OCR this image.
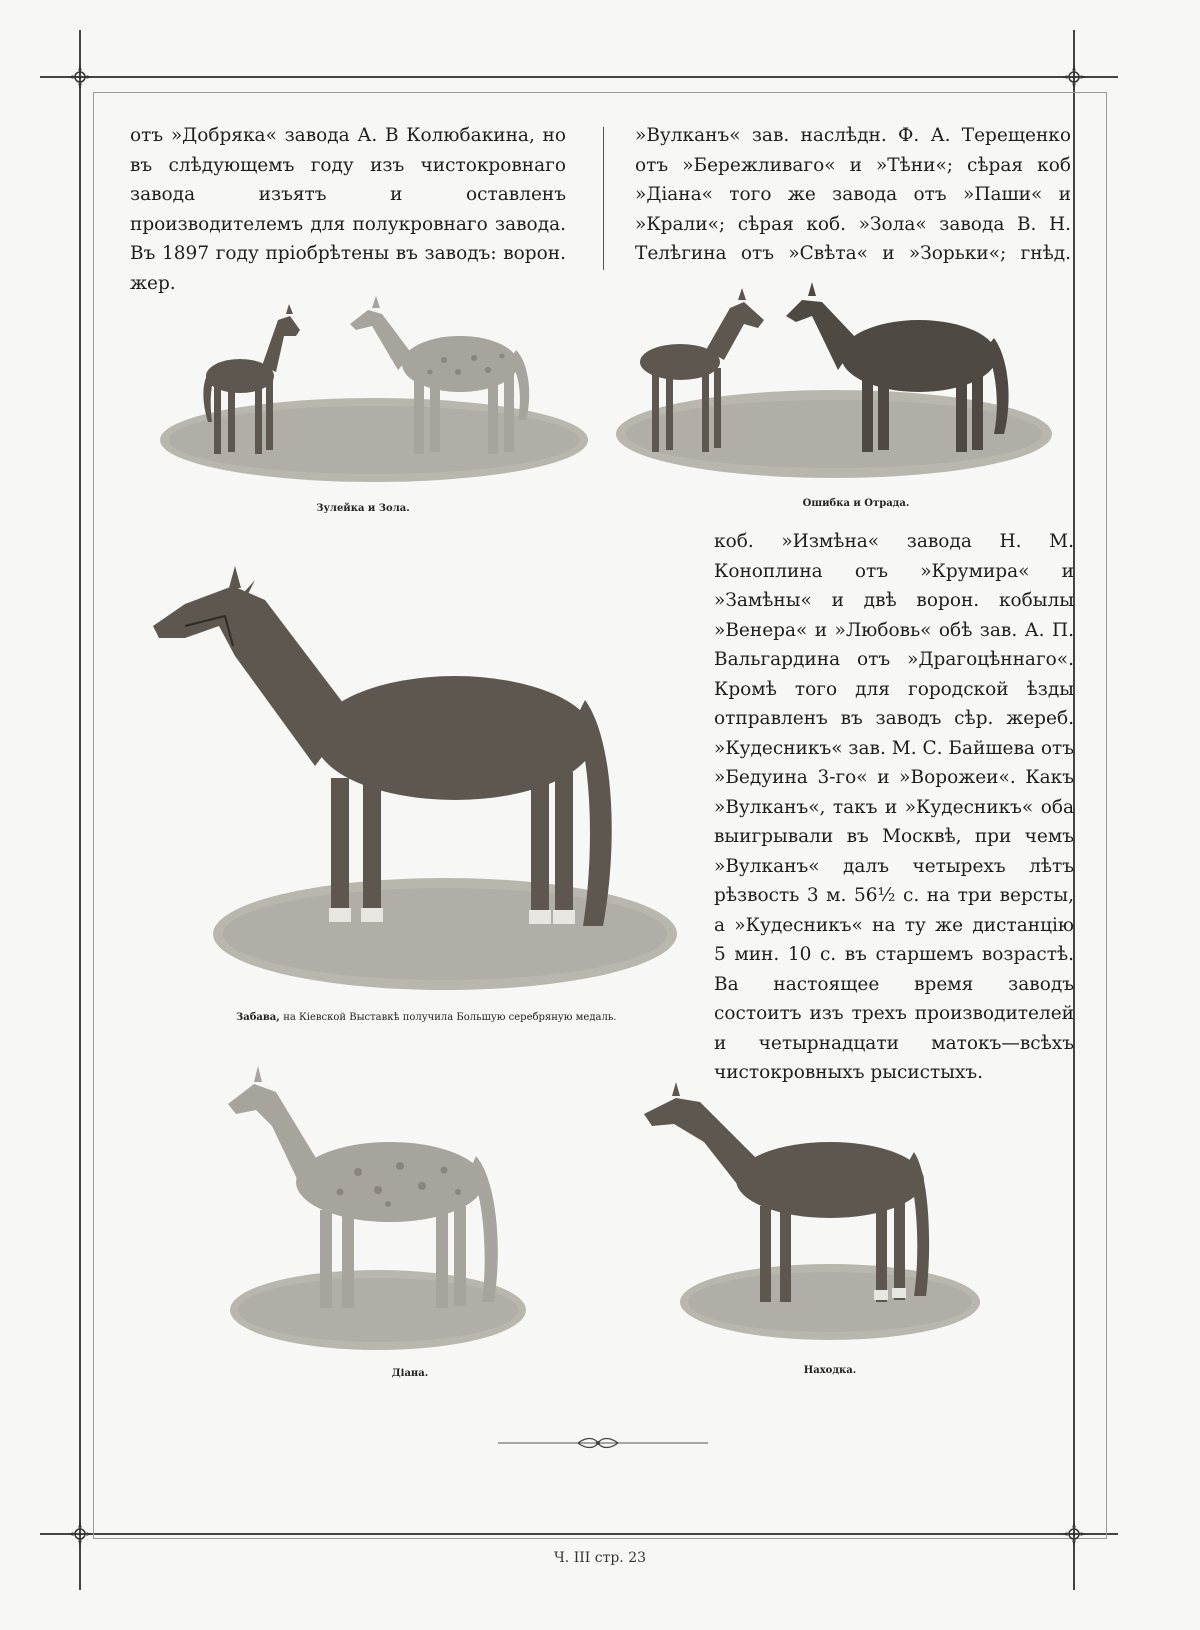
отъ »Добряка« завода А. В Колюбакина, но въ слѣдующемъ году изъ чистокровнаго завода изъятъ и оставленъ производителемъ для полукровнаго завода. Въ 1897 году пріобрѣтены въ заводъ: ворон. жер.

»Вулканъ« зав. наслѣдн. Ф. А. Терещенко отъ »Бережливаго« и »Тѣни«; сѣрая коб »Діана« того же завода отъ »Паши« и »Крали«; сѣрая коб. »Зола« завода В. Н. Телѣгина отъ »Свѣта« и »Зорьки«; гнѣд.

Зулейка и Зола.	Ошибка и Отрада.

коб. »Измѣна« завода Н. М. Коноплина отъ »Крумира« и »Замѣны« и двѣ ворон. кобылы »Венера« и »Любовь« обѣ зав. А. П. Вальгардина отъ »Драгоцѣннаго«. Кромѣ того для городской ѣзды отправленъ въ заводъ сѣр. жереб. »Кудесникъ« зав. М. С. Байшева отъ »Бедуина 3-го« и »Ворожеи«. Какъ »Вулканъ«, такъ и »Кудесникъ« оба выигрывали въ Москвѣ, при чемъ »Вулканъ« далъ четырехъ лѣтъ рѣзвость 3 м. 56½ с. на три версты, а »Кудесникъ« на ту же дистанцію 5 мин. 10 с. въ старшемъ возрастѣ. Ва настоящее время заводъ состоитъ изъ трехъ производителей и четырнадцати матокъ—всѣхъ чистокровныхъ рысистыхъ.

Забава, на Кіевской Выставкѣ получила Большую серебряную медаль.
Діана.	Находка.
Ч. III стр. 23
